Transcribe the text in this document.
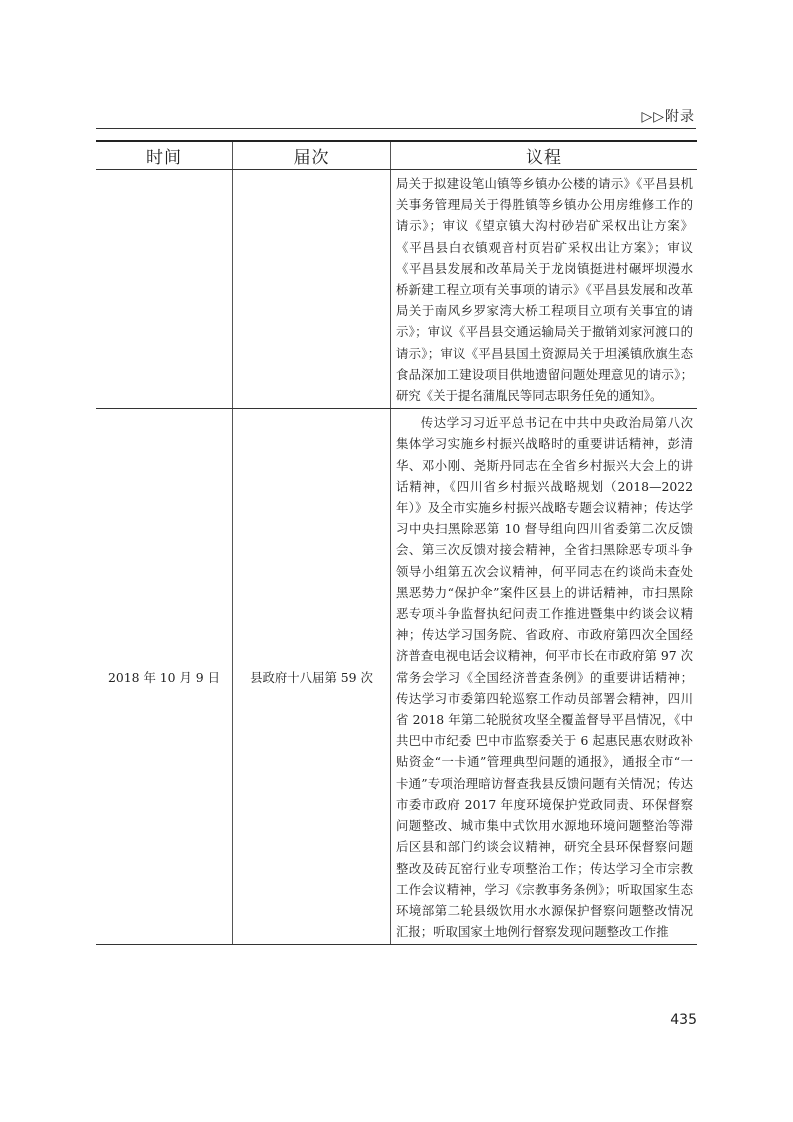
▷▷附录
时间	届次	议程

		局关于拟建设笔山镇等乡镇办公楼的请示》《平昌县机关事务管理局关于得胜镇等乡镇办公用房维修工作的请示》；审议《望京镇大沟村砂岩矿采权出让方案》《平昌县白衣镇观音村页岩矿采权出让方案》；审议《平昌县发展和改革局关于龙岗镇挺进村碾坪坝漫水桥新建工程立项有关事项的请示》《平昌县发展和改革局关于南风乡罗家湾大桥工程项目立项有关事宜的请示》；审议《平昌县交通运输局关于撤销刘家河渡口的请示》；审议《平昌县国土资源局关于坦溪镇欣旗生态食品深加工建设项目供地遗留问题处理意见的请示》；研究《关于提名蒲胤民等同志职务任免的通知》。

2018 年 10 月 9 日	县政府十八届第 59 次	传达学习习近平总书记在中共中央政治局第八次集体学习实施乡村振兴战略时的重要讲话精神，彭清华、邓小刚、尧斯丹同志在全省乡村振兴大会上的讲话精神，《四川省乡村振兴战略规划（2018—2022 年）》及全市实施乡村振兴战略专题会议精神；传达学习中央扫黑除恶第 10 督导组向四川省委第二次反馈会、第三次反馈对接会精神，全省扫黑除恶专项斗争领导小组第五次会议精神，何平同志在约谈尚未查处黑恶势力“保护伞”案件区县上的讲话精神，市扫黑除恶专项斗争监督执纪问责工作推进暨集中约谈会议精神；传达学习国务院、省政府、市政府第四次全国经济普查电视电话会议精神，何平市长在市政府第 97 次常务会学习《全国经济普查条例》的重要讲话精神；传达学习市委第四轮巡察工作动员部署会精神，四川省 2018 年第二轮脱贫攻坚全覆盖督导平昌情况，《中共巴中市纪委 巴中市监察委关于 6 起惠民惠农财政补贴资金“一卡通”管理典型问题的通报》，通报全市“一卡通”专项治理暗访督查我县反馈问题有关情况；传达市委市政府 2017 年度环境保护党政同责、环保督察问题整改、城市集中式饮用水源地环境问题整治等滞后区县和部门约谈会议精神，研究全县环保督察问题整改及砖瓦窑行业专项整治工作；传达学习全市宗教工作会议精神，学习《宗教事务条例》；听取国家生态环境部第二轮县级饮用水水源保护督察问题整改情况汇报；听取国家土地例行督察发现问题整改工作推
435
